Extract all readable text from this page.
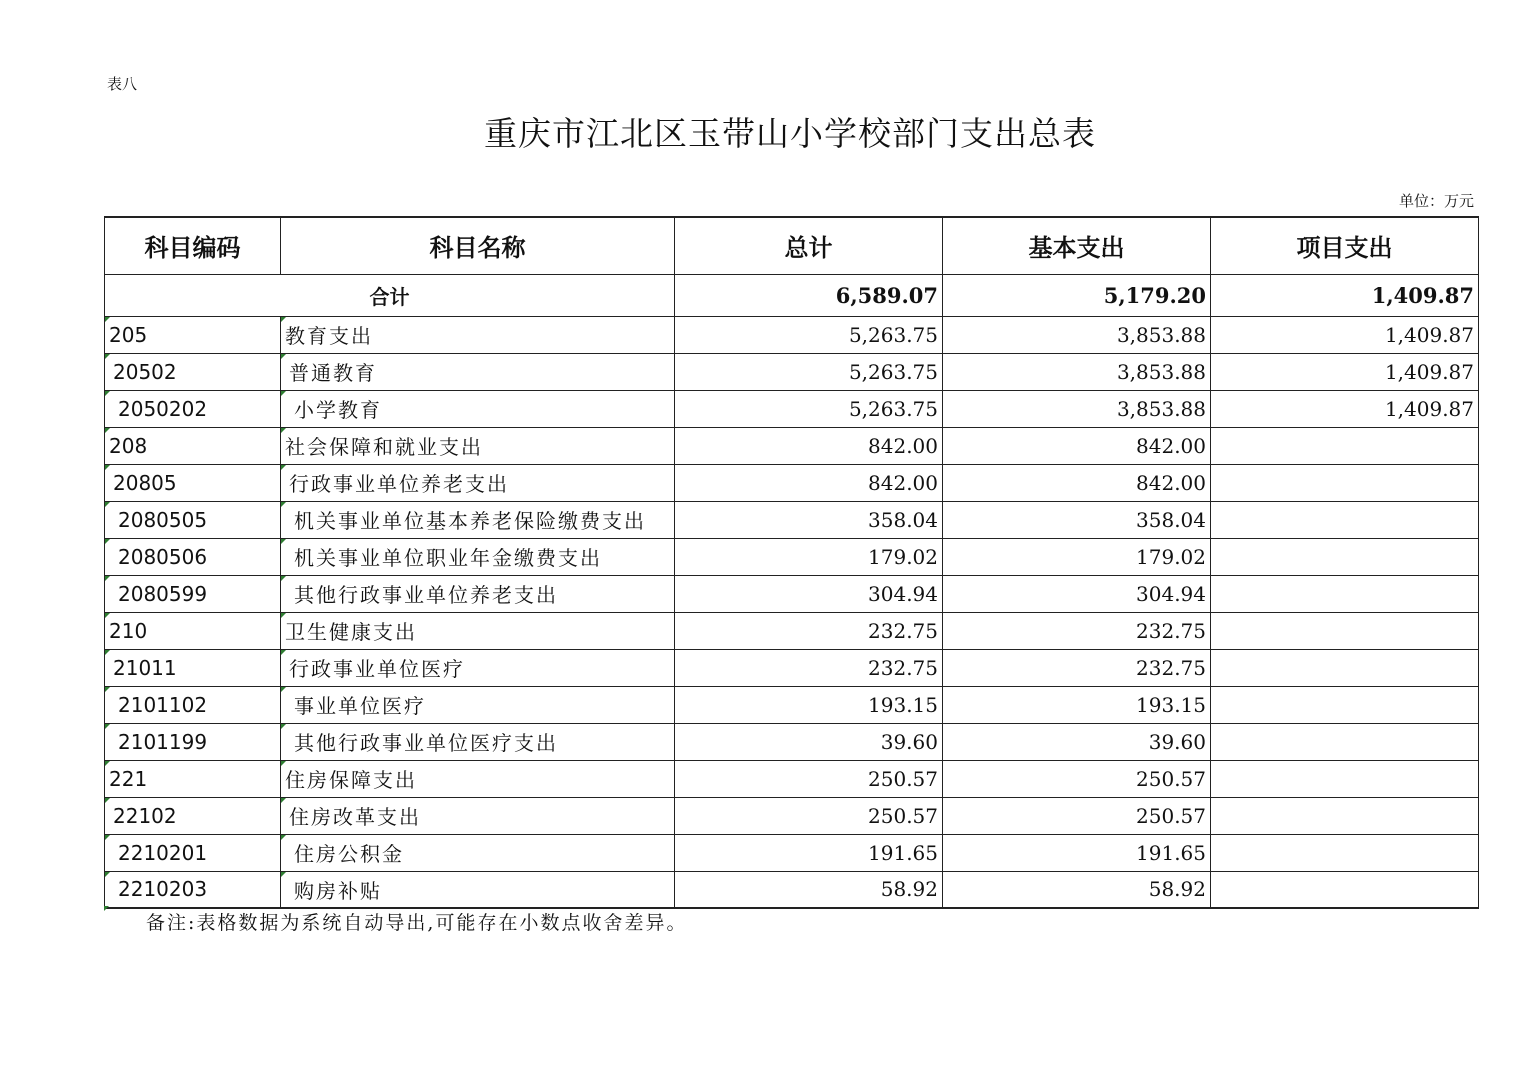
表八
重庆市江北区玉带山小学校部门支出总表
单位：万元
科目编码	科目名称	总计	基本支出	项目支出
合计		6,589.07	5,179.20	1,409.87
205	教育支出	5,263.75	3,853.88	1,409.87
20502	普通教育	5,263.75	3,853.88	1,409.87
2050202	小学教育	5,263.75	3,853.88	1,409.87
208	社会保障和就业支出	842.00	842.00	
20805	行政事业单位养老支出	842.00	842.00	
2080505	机关事业单位基本养老保险缴费支出	358.04	358.04	
2080506	机关事业单位职业年金缴费支出	179.02	179.02	
2080599	其他行政事业单位养老支出	304.94	304.94	
210	卫生健康支出	232.75	232.75	
21011	行政事业单位医疗	232.75	232.75	
2101102	事业单位医疗	193.15	193.15	
2101199	其他行政事业单位医疗支出	39.60	39.60	
221	住房保障支出	250.57	250.57	
22102	住房改革支出	250.57	250.57	
2210201	住房公积金	191.65	191.65	
2210203	购房补贴	58.92	58.92	
备注:表格数据为系统自动导出,可能存在小数点收舍差异。
